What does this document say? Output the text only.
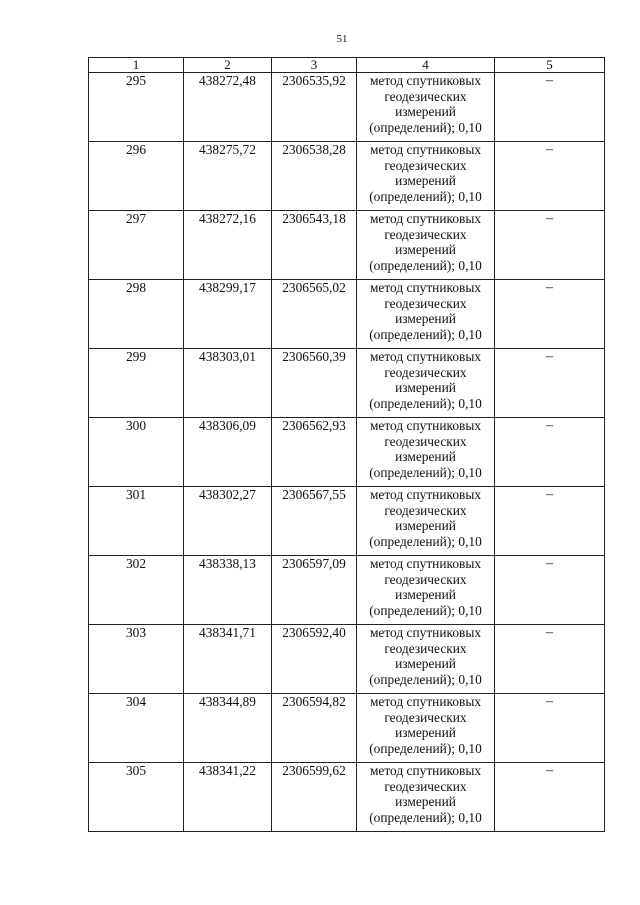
51
1	2	3	4	5
295	438272,48	2306535,92	метод спутниковых
геодезических
измерений
(определений); 0,10	–
296	438275,72	2306538,28	метод спутниковых
геодезических
измерений
(определений); 0,10	–
297	438272,16	2306543,18	метод спутниковых
геодезических
измерений
(определений); 0,10	–
298	438299,17	2306565,02	метод спутниковых
геодезических
измерений
(определений); 0,10	–
299	438303,01	2306560,39	метод спутниковых
геодезических
измерений
(определений); 0,10	–
300	438306,09	2306562,93	метод спутниковых
геодезических
измерений
(определений); 0,10	–
301	438302,27	2306567,55	метод спутниковых
геодезических
измерений
(определений); 0,10	–
302	438338,13	2306597,09	метод спутниковых
геодезических
измерений
(определений); 0,10	–
303	438341,71	2306592,40	метод спутниковых
геодезических
измерений
(определений); 0,10	–
304	438344,89	2306594,82	метод спутниковых
геодезических
измерений
(определений); 0,10	–
305	438341,22	2306599,62	метод спутниковых
геодезических
измерений
(определений); 0,10	–
